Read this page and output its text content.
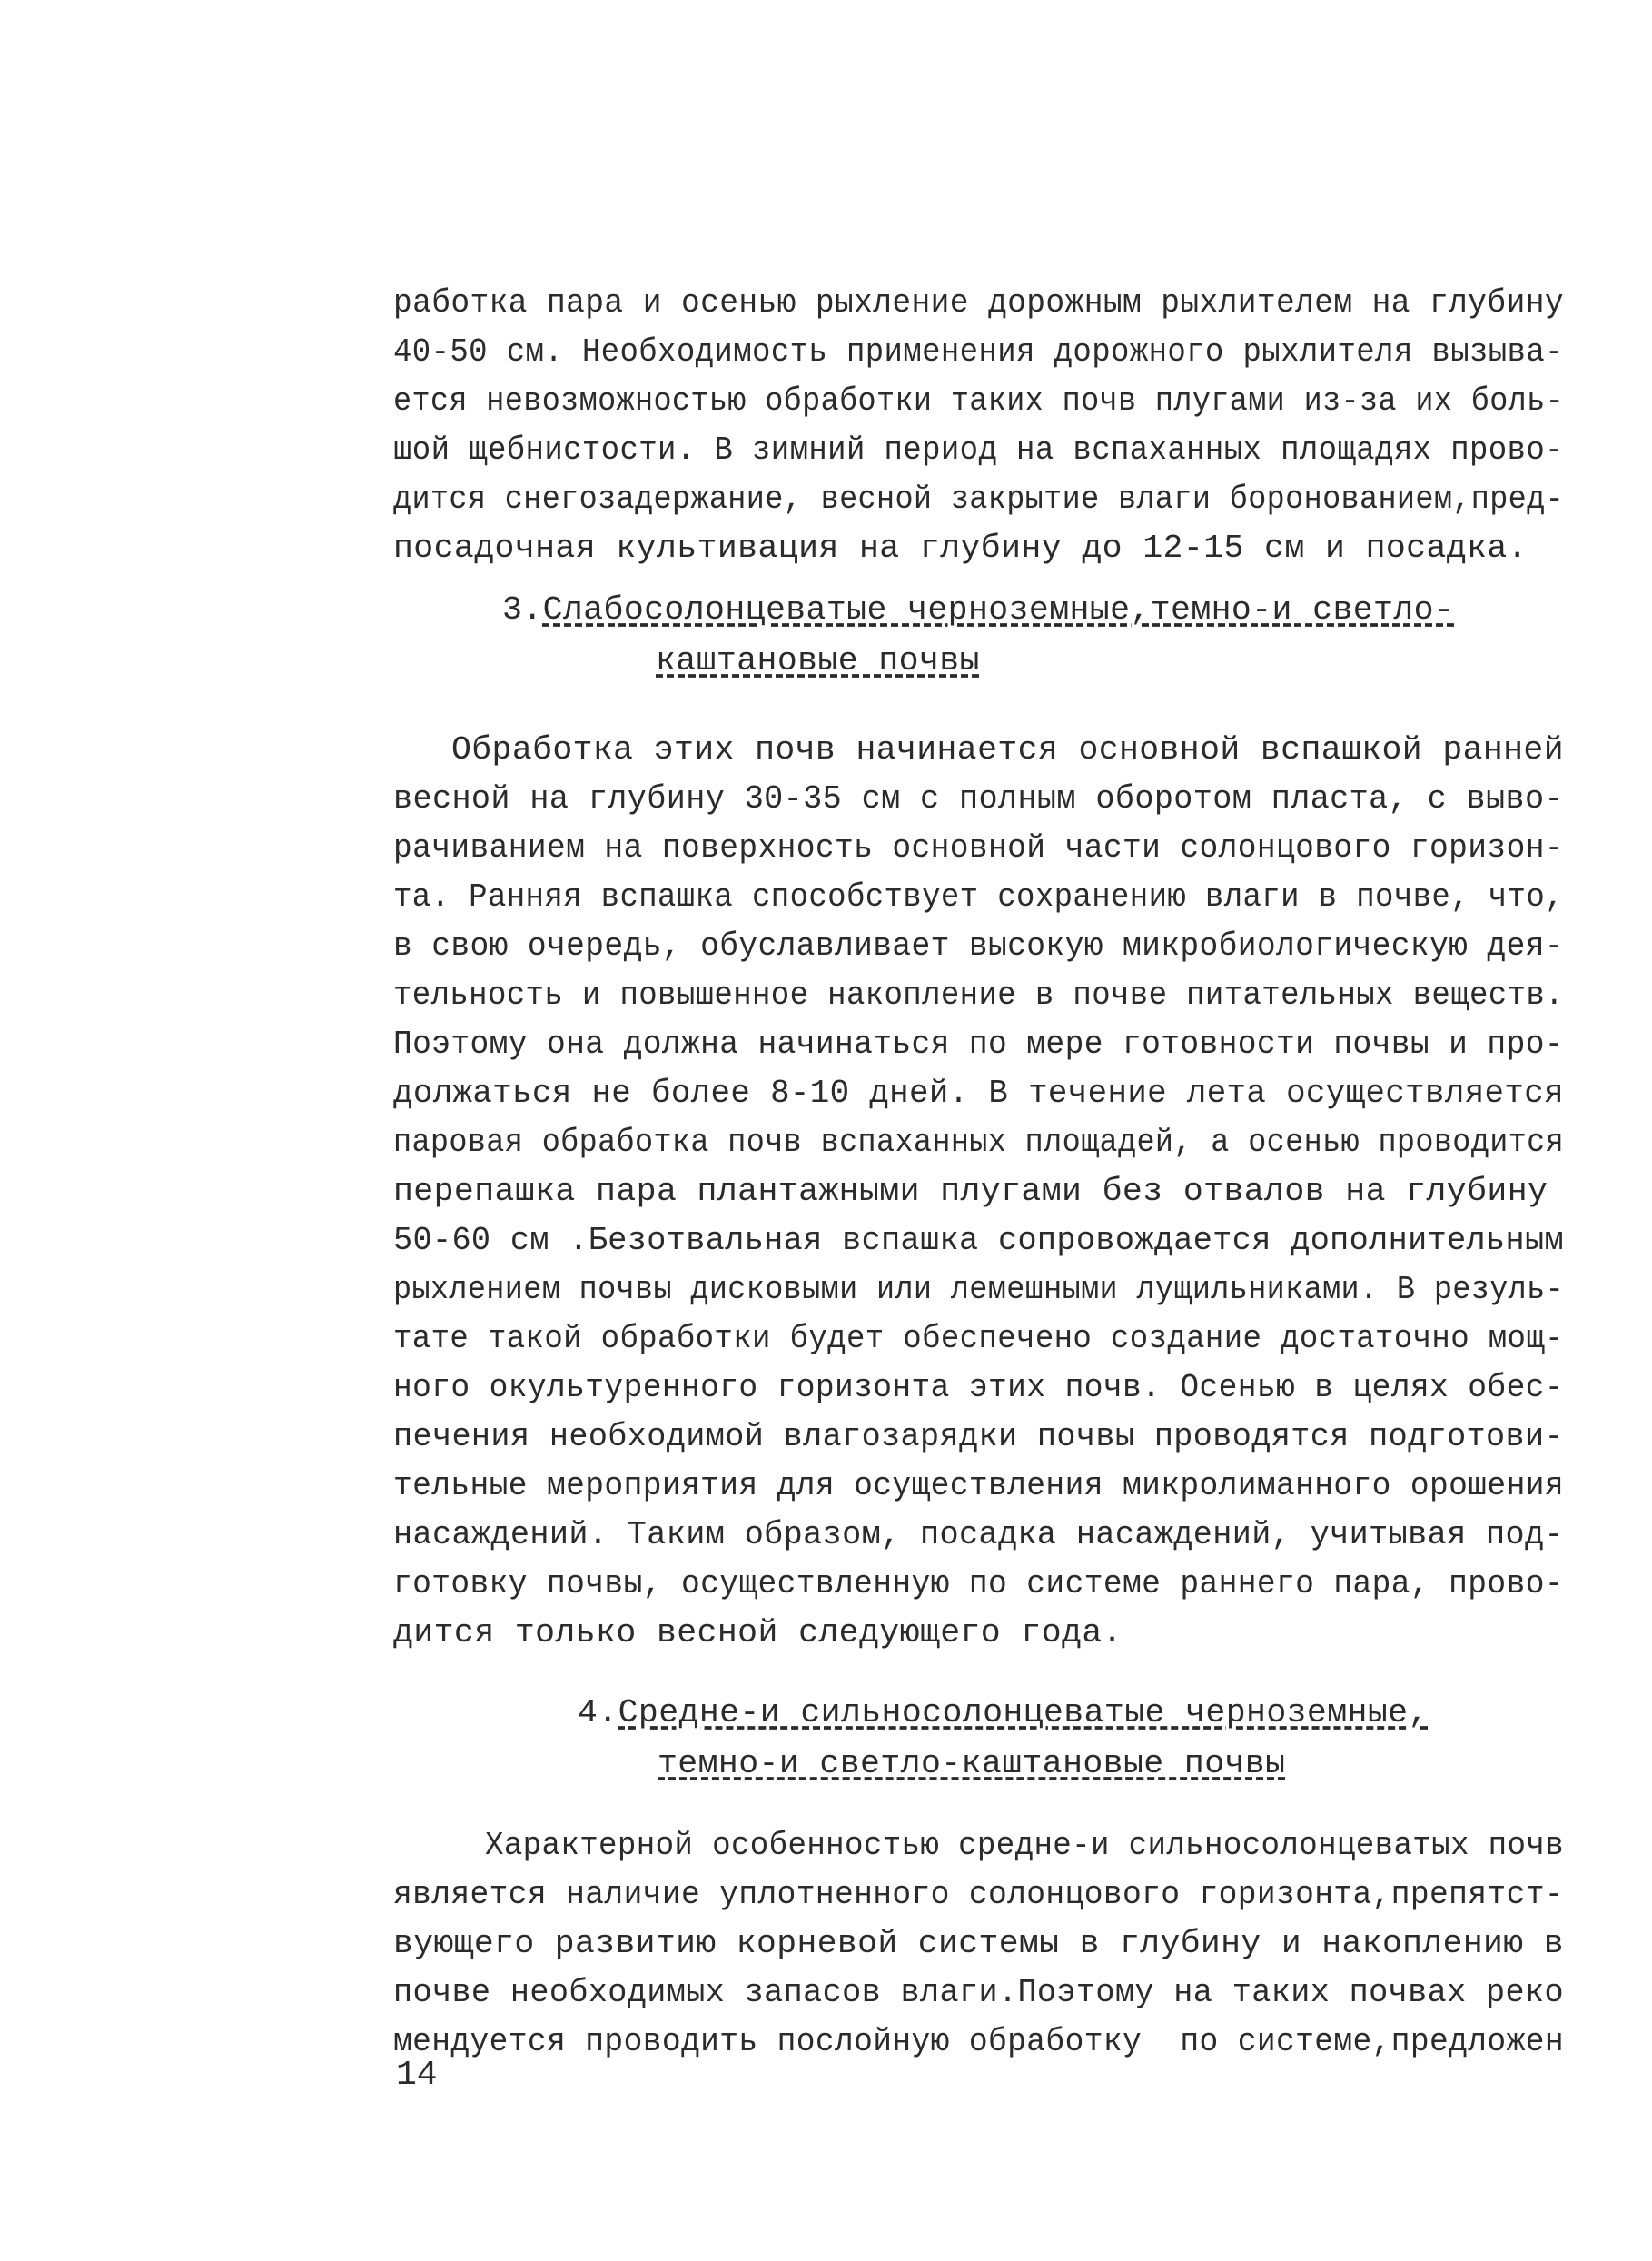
работка пара и осенью рыхление дорожным рыхлителем на глубину
40-50 см. Необходимость применения дорожного рыхлителя вызыва-
ется невозможностью обработки таких почв плугами из-за их боль-
шой щебнистости. В зимний период на вспаханных площадях прово-
дится снегозадержание, весной закрытие влаги боронованием,пред-
посадочная культивация на глубину до 12-15 см и посадка.
3.Слабосолонцеватые черноземные,темно-и светло-
каштановые почвы
Обработка этих почв начинается основной вспашкой ранней
весной на глубину 30-35 см с полным оборотом пласта, с выво-
рачиванием на поверхность основной части солонцового горизон-
та. Ранняя вспашка способствует сохранению влаги в почве, что,
в свою очередь, обуславливает высокую микробиологическую дея-
тельность и повышенное накопление в почве питательных веществ.
Поэтому она должна начинаться по мере готовности почвы и про-
должаться не более 8-10 дней. В течение лета осуществляется
паровая обработка почв вспаханных площадей, а осенью проводится
перепашка пара плантажными плугами без отвалов на глубину
50-60 см .Безотвальная вспашка сопровождается дополнительным
рыхлением почвы дисковыми или лемешными лущильниками. В резуль-
тате такой обработки будет обеспечено создание достаточно мощ-
ного окультуренного горизонта этих почв. Осенью в целях обес-
печения необходимой влагозарядки почвы проводятся подготови-
тельные мероприятия для осуществления микролиманного орошения
насаждений. Таким образом, посадка насаждений, учитывая под-
готовку почвы, осуществленную по системе раннего пара, прово-
дится только весной следующего года.
4.Средне-и сильносолонцеватые черноземные,
темно-и светло-каштановые почвы
Характерной особенностью средне-и сильносолонцеватых почв
является наличие уплотненного солонцового горизонта,препятст-
вующего развитию корневой системы в глубину и накоплению в
почве необходимых запасов влаги.Поэтому на таких почвах реко
мендуется проводить послойную обработку  по системе,предложен
14
